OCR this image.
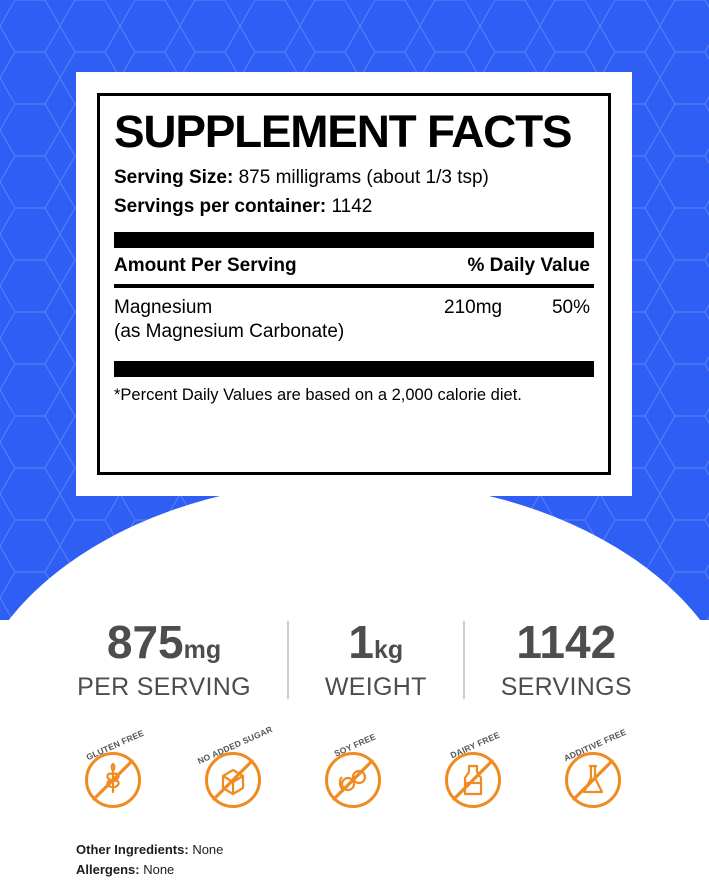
SUPPLEMENT FACTS
Serving Size: 875 milligrams (about 1/3 tsp)
Servings per container: 1142
Amount Per Serving	% Daily Value
Magnesium	210mg	50%
(as Magnesium Carbonate)
*Percent Daily Values are based on a 2,000 calorie diet.
875mg
PER SERVING
1kg
WEIGHT
1142
SERVINGS
GLUTEN FREE	NO ADDED SUGAR	SOY FREE	DAIRY FREE	ADDITIVE FREE
Other Ingredients: None
Allergens: None
